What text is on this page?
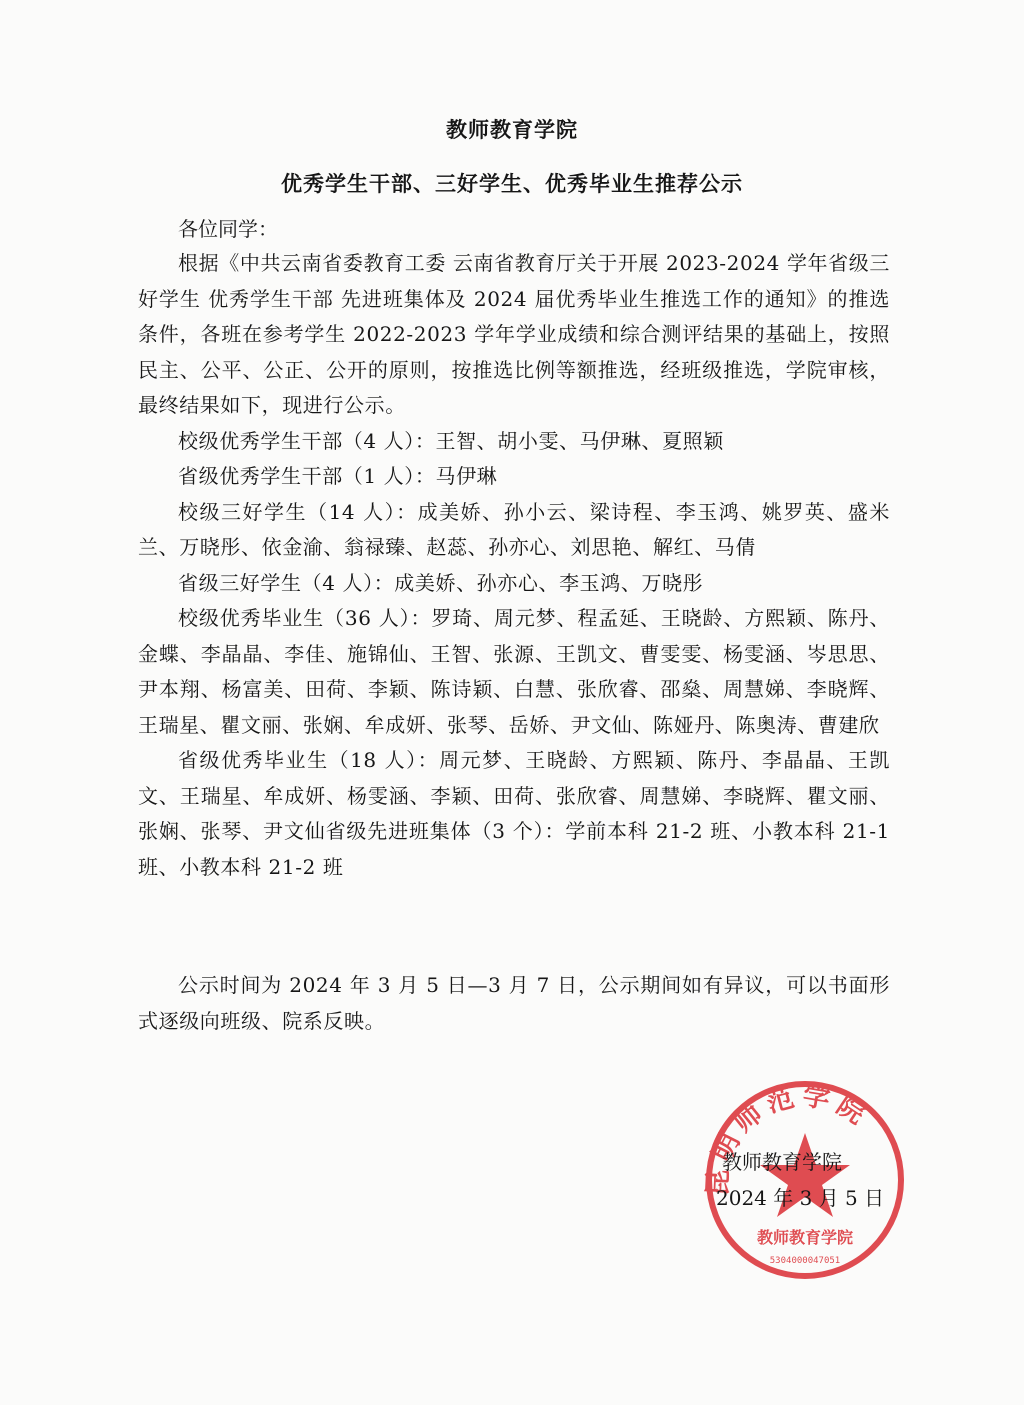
教师教育学院
优秀学生干部、三好学生、优秀毕业生推荐公示
各位同学：

根据《中共云南省委教育工委 云南省教育厅关于开展 2023-2024 学年省级三好学生 优秀学生干部 先进班集体及 2024 届优秀毕业生推选工作的通知》的推选条件，各班在参考学生 2022-2023 学年学业成绩和综合测评结果的基础上，按照民主、公平、公正、公开的原则，按推选比例等额推选，经班级推选，学院审核，最终结果如下，现进行公示。

校级优秀学生干部（4 人）：王智、胡小雯、马伊琳、夏照颖

省级优秀学生干部（1 人）：马伊琳

校级三好学生（14 人）：成美娇、孙小云、梁诗程、李玉鸿、姚罗英、盛米兰、万晓彤、依金渝、翁禄臻、赵蕊、孙亦心、刘思艳、解红、马倩

省级三好学生（4 人）：成美娇、孙亦心、李玉鸿、万晓彤

校级优秀毕业生（36 人）：罗琦、周元梦、程孟延、王晓龄、方熙颖、陈丹、金蝶、李晶晶、李佳、施锦仙、王智、张源、王凯文、曹雯雯、杨雯涵、岑思思、尹本翔、杨富美、田荷、李颖、陈诗颖、白慧、张欣睿、邵燊、周慧娣、李晓辉、王瑞星、瞿文丽、张娴、牟成妍、张琴、岳娇、尹文仙、陈娅丹、陈奥涛、曹建欣

省级优秀毕业生（18 人）：周元梦、王晓龄、方熙颖、陈丹、李晶晶、王凯文、王瑞星、牟成妍、杨雯涵、李颖、田荷、张欣睿、周慧娣、李晓辉、瞿文丽、张娴、张琴、尹文仙省级先进班集体（3 个）：学前本科 21-2 班、小教本科 21-1 班、小教本科 21-2 班

公示时间为 2024 年 3 月 5 日—3 月 7 日，公示期间如有异议，可以书面形式逐级向班级、院系反映。

昆明师范学院
教师教育学院
5304000047051
教师教育学院
2024 年 3 月 5 日
